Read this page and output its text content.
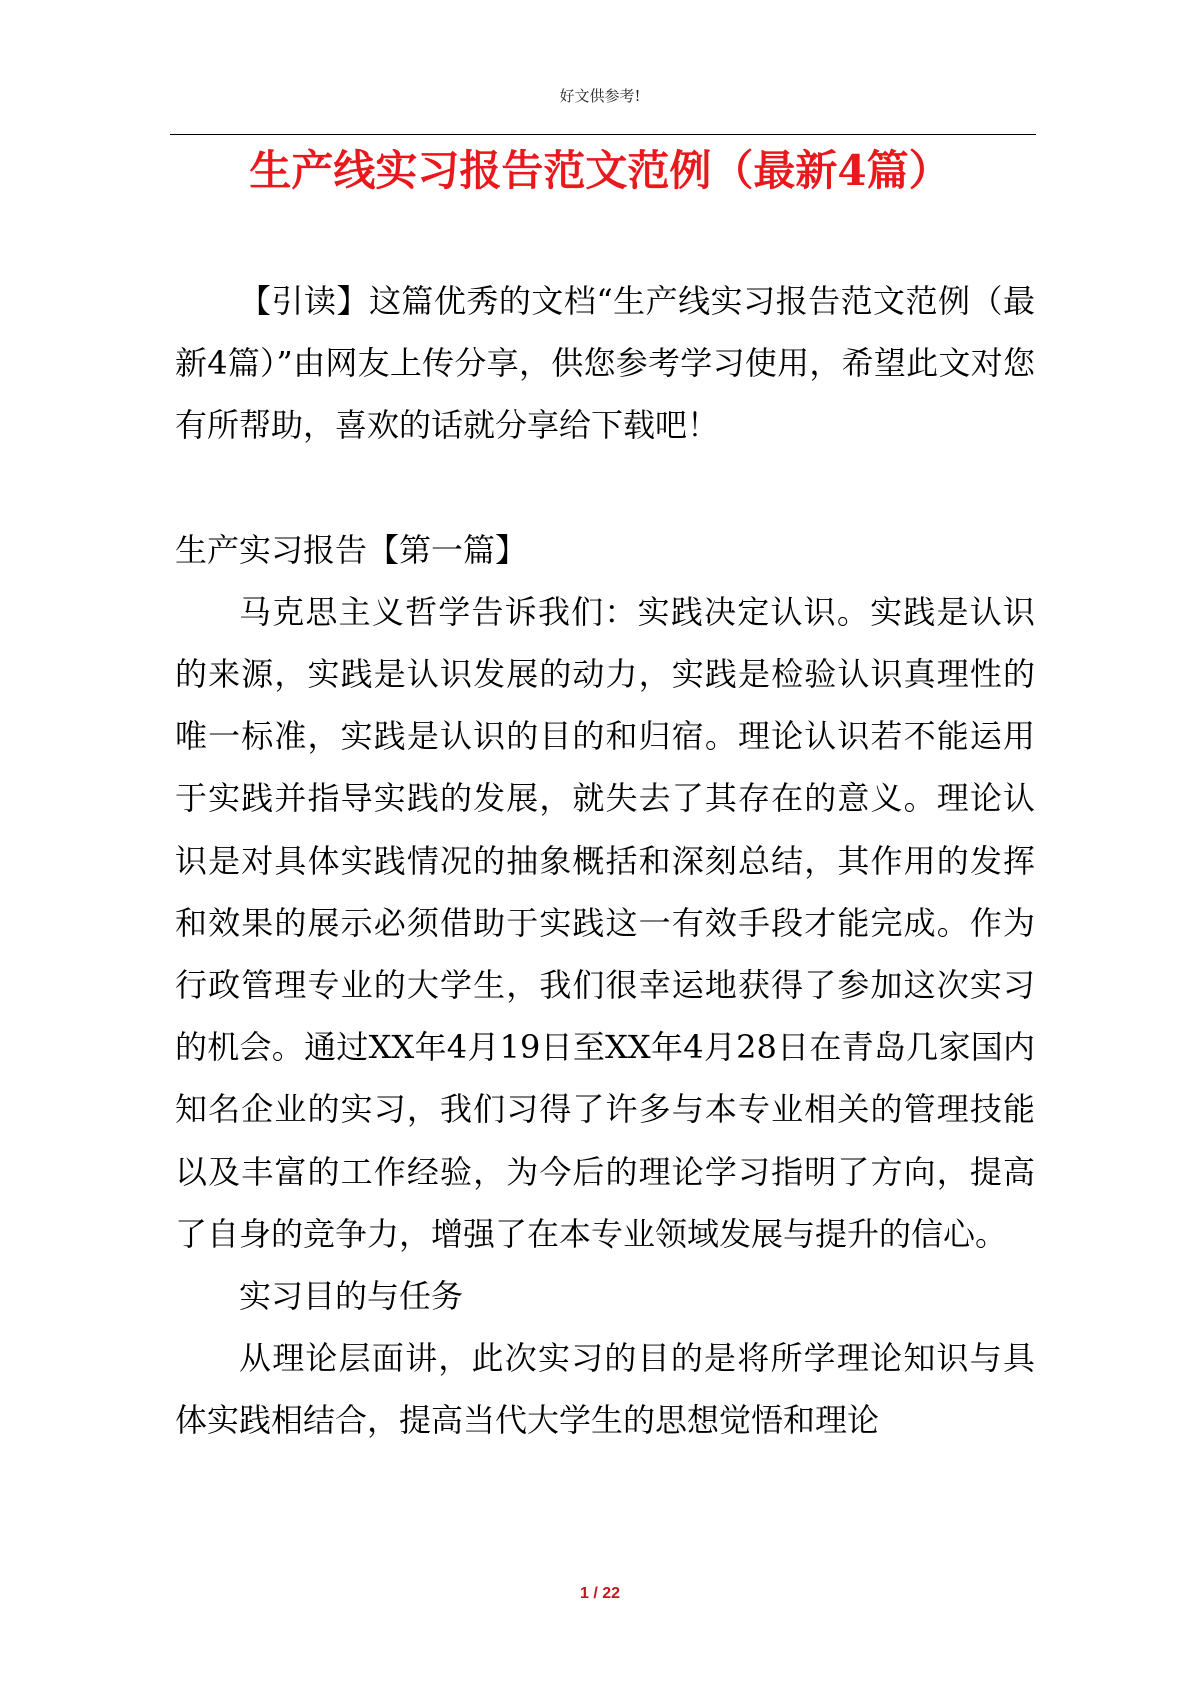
好文供参考!
生产线实习报告范文范例（最新4篇）

【引读】这篇优秀的文档“生产线实习报告范文范例（最新4篇）”由网友上传分享，供您参考学习使用，希望此文对您有所帮助，喜欢的话就分享给下载吧！

生产实习报告【第一篇】

马克思主义哲学告诉我们：实践决定认识。实践是认识的来源，实践是认识发展的动力，实践是检验认识真理性的唯一标准，实践是认识的目的和归宿。理论认识若不能运用于实践并指导实践的发展，就失去了其存在的意义。理论认识是对具体实践情况的抽象概括和深刻总结，其作用的发挥和效果的展示必须借助于实践这一有效手段才能完成。作为行政管理专业的大学生，我们很幸运地获得了参加这次实习的机会。通过XX年4月19日至XX年4月28日在青岛几家国内知名企业的实习，我们习得了许多与本专业相关的管理技能以及丰富的工作经验，为今后的理论学习指明了方向，提高了自身的竞争力，增强了在本专业领域发展与提升的信心。

实习目的与任务

从理论层面讲，此次实习的目的是将所学理论知识与具体实践相结合，提高当代大学生的思想觉悟和理论

1 / 22
